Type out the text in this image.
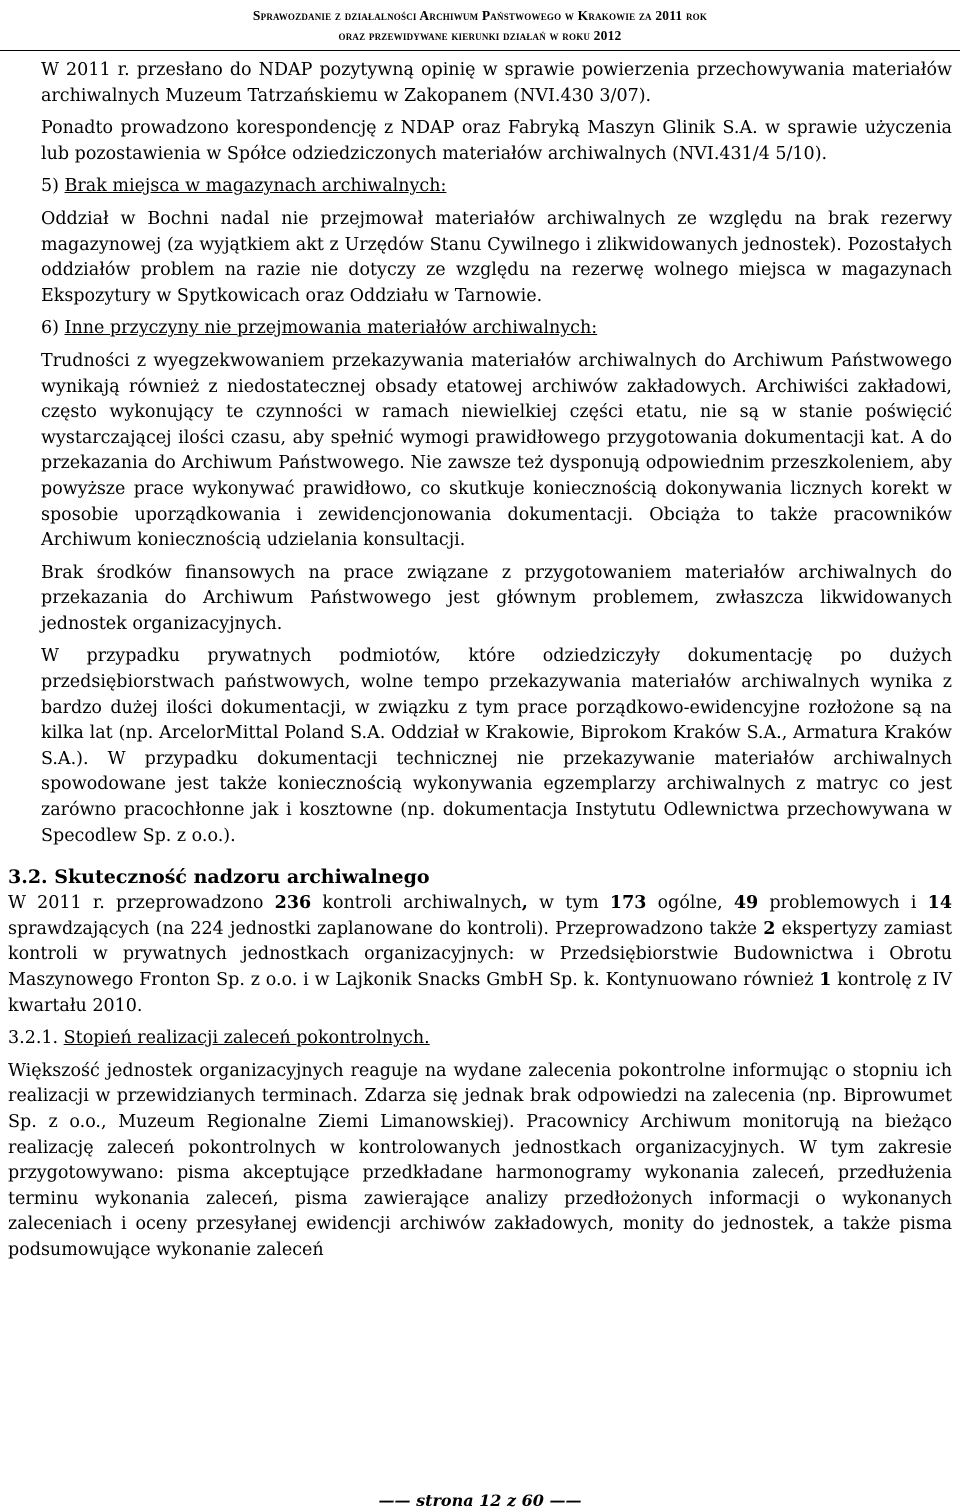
Sprawozdanie z działalności Archiwum Państwowego w Krakowie za 2011 rok
oraz przewidywane kierunki działań w roku 2012

W 2011 r. przesłano do NDAP pozytywną opinię w sprawie powierzenia przechowywania materiałów archiwalnych Muzeum Tatrzańskiemu w Zakopanem (NVI.430 3/07).

Ponadto prowadzono korespondencję z NDAP oraz Fabryką Maszyn Glinik S.A. w sprawie użyczenia lub pozostawienia w Spółce odziedziczonych materiałów archiwalnych (NVI.431/4 5/10).

5) Brak miejsca w magazynach archiwalnych:

Oddział w Bochni nadal nie przejmował materiałów archiwalnych ze względu na brak rezerwy magazynowej (za wyjątkiem akt z Urzędów Stanu Cywilnego i zlikwidowanych jednostek). Pozostałych oddziałów problem na razie nie dotyczy ze względu na rezerwę wolnego miejsca w magazynach Ekspozytury w Spytkowicach oraz Oddziału w Tarnowie.

6) Inne przyczyny nie przejmowania materiałów archiwalnych:

Trudności z wyegzekwowaniem przekazywania materiałów archiwalnych do Archiwum Państwowego wynikają również z niedostatecznej obsady etatowej archiwów zakładowych. Archiwiści zakładowi, często wykonujący te czynności w ramach niewielkiej części etatu, nie są w stanie poświęcić wystarczającej ilości czasu, aby spełnić wymogi prawidłowego przygotowania dokumentacji kat. A do przekazania do Archiwum Państwowego. Nie zawsze też dysponują odpowiednim przeszkoleniem, aby powyższe prace wykonywać prawidłowo, co skutkuje koniecznością dokonywania licznych korekt w sposobie uporządkowania i zewidencjonowania dokumentacji. Obciąża to także pracowników Archiwum koniecznością udzielania konsultacji.

Brak środków finansowych na prace związane z przygotowaniem materiałów archiwalnych do przekazania do Archiwum Państwowego jest głównym problemem, zwłaszcza likwidowanych jednostek organizacyjnych.

W przypadku prywatnych podmiotów, które odziedziczyły dokumentację po dużych przedsiębiorstwach państwowych, wolne tempo przekazywania materiałów archiwalnych wynika z bardzo dużej ilości dokumentacji, w związku z tym prace porządkowo-ewidencyjne rozłożone są na kilka lat (np. ArcelorMittal Poland S.A. Oddział w Krakowie, Biprokom Kraków S.A., Armatura Kraków S.A.). W przypadku dokumentacji technicznej nie przekazywanie materiałów archiwalnych spowodowane jest także koniecznością wykonywania egzemplarzy archiwalnych z matryc co jest zarówno pracochłonne jak i kosztowne (np. dokumentacja Instytutu Odlewnictwa przechowywana w Specodlew Sp. z o.o.).

3.2. Skuteczność nadzoru archiwalnego

W 2011 r. przeprowadzono 236 kontroli archiwalnych, w tym 173 ogólne, 49 problemowych i 14 sprawdzających (na 224 jednostki zaplanowane do kontroli). Przeprowadzono także 2 ekspertyzy zamiast kontroli w prywatnych jednostkach organizacyjnych: w Przedsiębiorstwie Budownictwa i Obrotu Maszynowego Fronton Sp. z o.o. i w Lajkonik Snacks GmbH Sp. k. Kontynuowano również 1 kontrolę z IV kwartału 2010.

3.2.1. Stopień realizacji zaleceń pokontrolnych.

Większość jednostek organizacyjnych reaguje na wydane zalecenia pokontrolne informując o stopniu ich realizacji w przewidzianych terminach. Zdarza się jednak brak odpowiedzi na zalecenia (np. Biprowumet Sp. z o.o., Muzeum Regionalne Ziemi Limanowskiej). Pracownicy Archiwum monitorują na bieżąco realizację zaleceń pokontrolnych w kontrolowanych jednostkach organizacyjnych. W tym zakresie przygotowywano: pisma akceptujące przedkładane harmonogramy wykonania zaleceń, przedłużenia terminu wykonania zaleceń, pisma zawierające analizy przedłożonych informacji o wykonanych zaleceniach i oceny przesyłanej ewidencji archiwów zakładowych, monity do jednostek, a także pisma podsumowujące wykonanie zaleceń

—— strona 12 z 60 ——
